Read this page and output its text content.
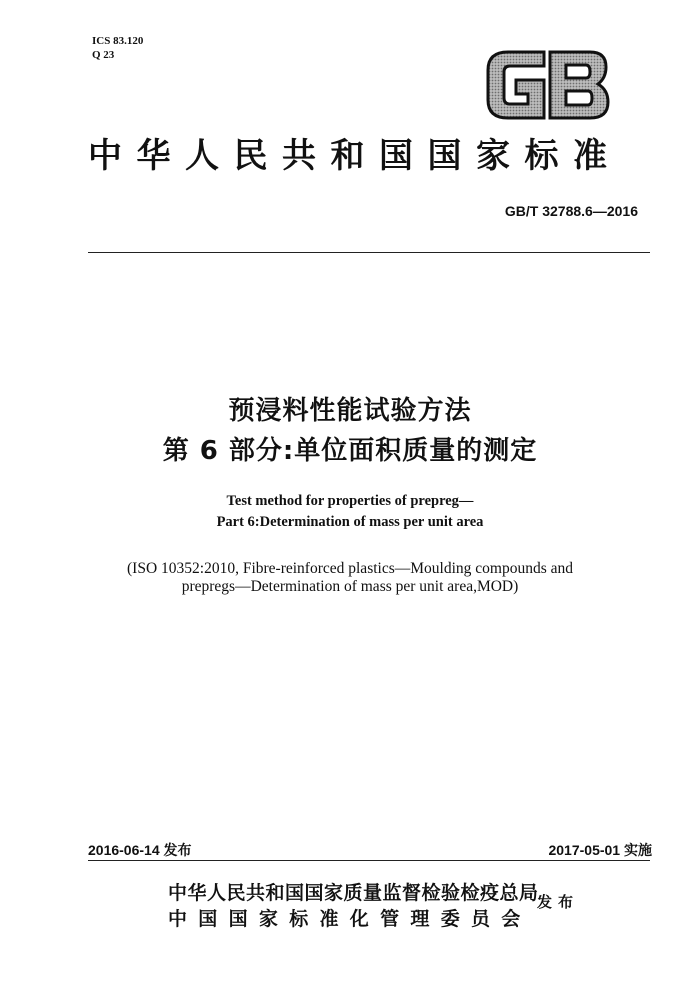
ICS 83.120
Q 23
中华人民共和国国家标准
GB/T 32788.6—2016
预浸料性能试验方法
第 6 部分:单位面积质量的测定
Test method for properties of prepreg—
Part 6:Determination of mass per unit area
(ISO 10352:2010, Fibre-reinforced plastics—Moulding compounds and
prepregs—Determination of mass per unit area,MOD)
2016-06-14 发布	2017-05-01 实施
中华人民共和国国家质量监督检验检疫总局
中国国家标准化管理委员会
发布
